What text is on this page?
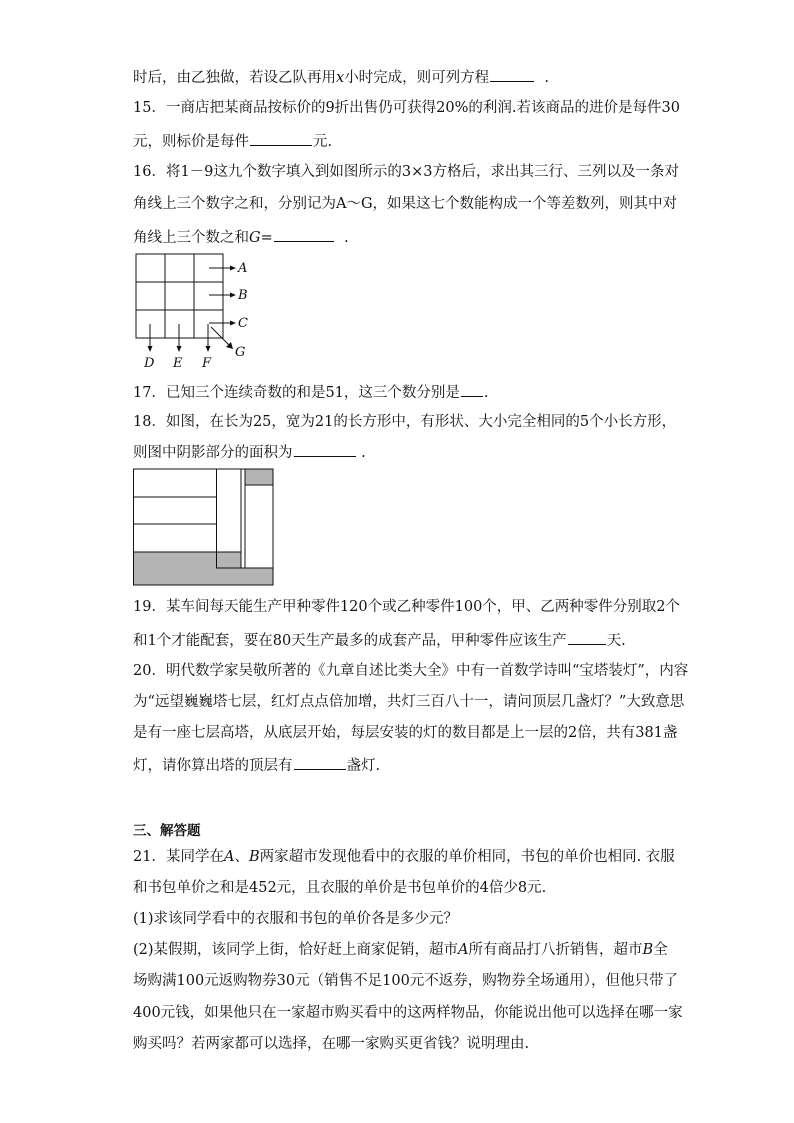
时后，由乙独做，若设乙队再用x小时完成，则可列方程	.
15．一商店把某商品按标价的9折出售仍可获得20%的利润.若该商品的进价是每件30
元，则标价是每件	元.
16．将1－9这九个数字填入到如图所示的3×3方格后，求出其三行、三列以及一条对
角线上三个数字之和，分别记为A～G，如果这七个数能构成一个等差数列，则其中对
角线上三个数之和G=	.
A
B
C
D E F
G
17．已知三个连续奇数的和是51，这三个数分别是 .
18．如图，在长为25，宽为21的长方形中，有形状、大小完全相同的5个小长方形，
则图中阴影部分的面积为	.
19．某车间每天能生产甲种零件120个或乙种零件100个，甲、乙两种零件分别取2个
和1个才能配套，要在80天生产最多的成套产品，甲种零件应该生产	天.
20．明代数学家吴敬所著的《九章自述比类大全》中有一首数学诗叫“宝塔装灯”，内容
为“远望巍巍塔七层，红灯点点倍加增，共灯三百八十一，请问顶层几盏灯？”大致意思
是有一座七层高塔，从底层开始，每层安装的灯的数目都是上一层的2倍，共有381盏
灯，请你算出塔的顶层有	盏灯.
三、解答题
21．某同学在A、B两家超市发现他看中的衣服的单价相同，书包的单价也相同. 衣服
和书包单价之和是452元，且衣服的单价是书包单价的4倍少8元.
(1)求该同学看中的衣服和书包的单价各是多少元？
(2)某假期，该同学上街，恰好赶上商家促销，超市A所有商品打八折销售，超市B全
场购满100元返购物券30元（销售不足100元不返券，购物券全场通用），但他只带了
400元钱，如果他只在一家超市购买看中的这两样物品，你能说出他可以选择在哪一家
购买吗？若两家都可以选择，在哪一家购买更省钱？说明理由.
